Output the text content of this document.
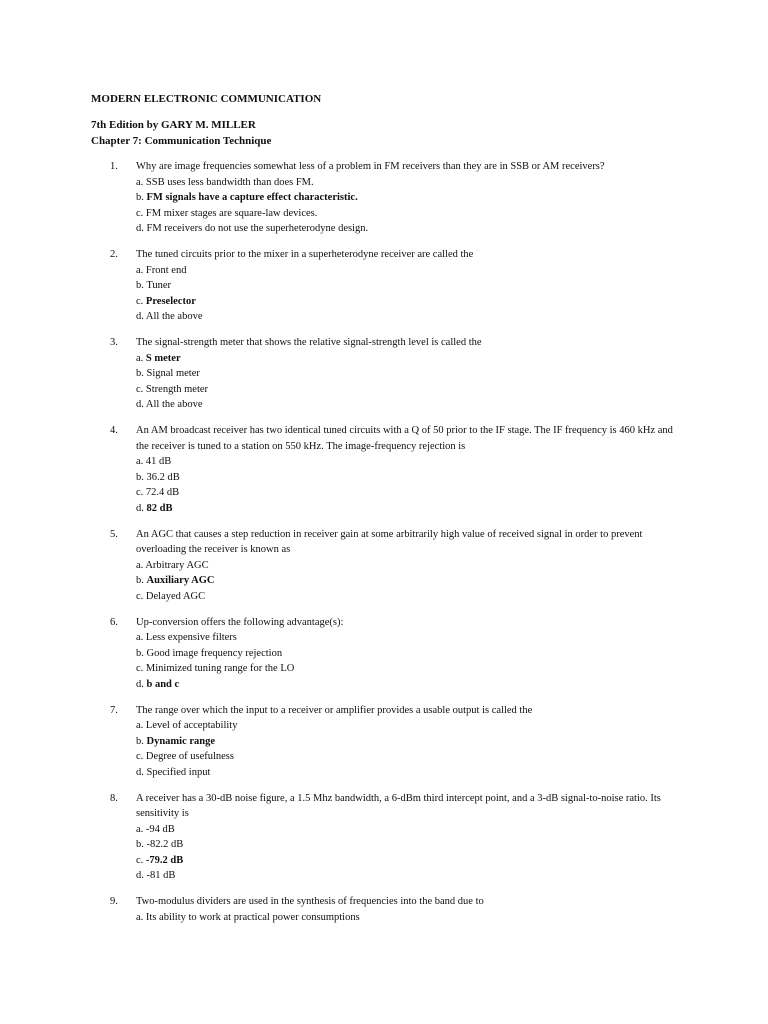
MODERN ELECTRONIC COMMUNICATION
7th Edition by GARY M. MILLER
Chapter 7: Communication Technique
1.	Why are image frequencies somewhat less of a problem in FM receivers than they are in SSB or AM receivers?
a. SSB uses less bandwidth than does FM.
b. FM signals have a capture effect characteristic.
c. FM mixer stages are square-law devices.
d. FM receivers do not use the superheterodyne design.
2.	The tuned circuits prior to the mixer in a superheterodyne receiver are called the
a. Front end
b. Tuner
c. Preselector
d. All the above
3.	The signal-strength meter that shows the relative signal-strength level is called the
a. S meter
b. Signal meter
c. Strength meter
d. All the above
4.	An AM broadcast receiver has two identical tuned circuits with a Q of 50 prior to the IF stage. The IF frequency is 460 kHz and the receiver is tuned to a station on 550 kHz. The image-frequency rejection is
a. 41 dB
b. 36.2 dB
c. 72.4 dB
d. 82 dB
5.	An AGC that causes a step reduction in receiver gain at some arbitrarily high value of received signal in order to prevent overloading the receiver is known as
a. Arbitrary AGC
b. Auxiliary AGC
c. Delayed AGC
6.	Up-conversion offers the following advantage(s):
a. Less expensive filters
b. Good image frequency rejection
c. Minimized tuning range for the LO
d. b and c
7.	The range over which the input to a receiver or amplifier provides a usable output is called the
a. Level of acceptability
b. Dynamic range
c. Degree of usefulness
d. Specified input
8.	A receiver has a 30-dB noise figure, a 1.5 Mhz bandwidth, a 6-dBm third intercept point, and a 3-dB signal-to-noise ratio. Its sensitivity is
a. -94 dB
b. -82.2 dB
c. -79.2 dB
d. -81 dB
9.	Two-modulus dividers are used in the synthesis of frequencies into the band due to
a. Its ability to work at practical power consumptions
